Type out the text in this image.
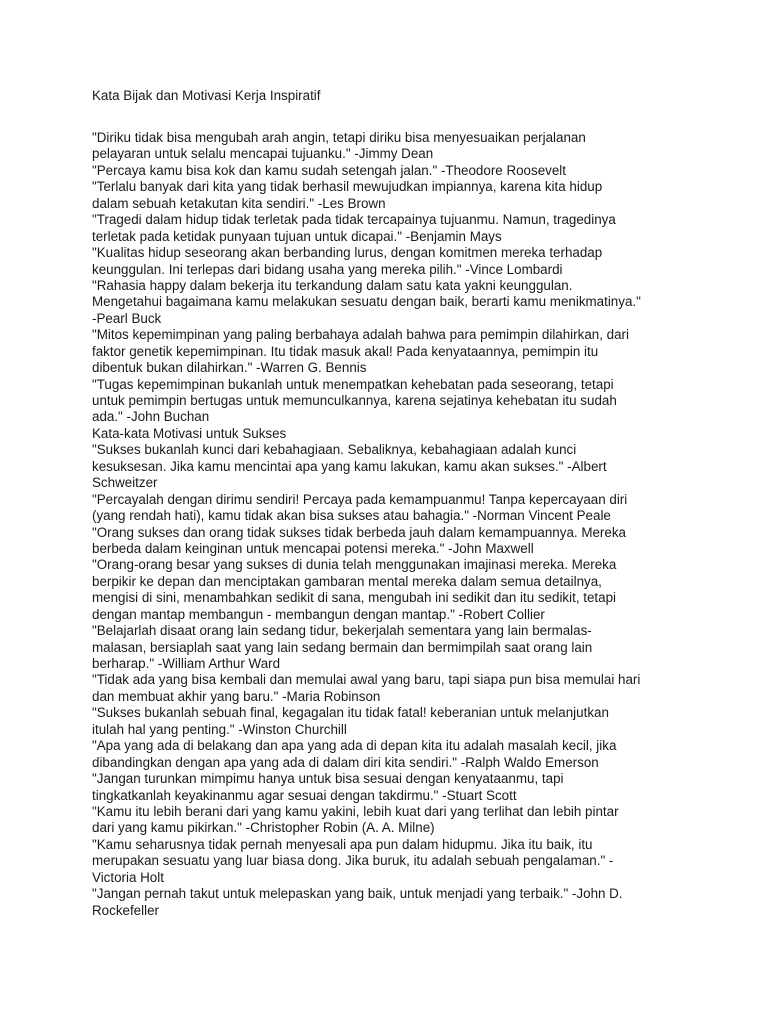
Kata Bijak dan Motivasi Kerja Inspiratif
"Diriku tidak bisa mengubah arah angin, tetapi diriku bisa menyesuaikan perjalanan
pelayaran untuk selalu mencapai tujuanku." -Jimmy Dean
"Percaya kamu bisa kok dan kamu sudah setengah jalan." -Theodore Roosevelt
"Terlalu banyak dari kita yang tidak berhasil mewujudkan impiannya, karena kita hidup
dalam sebuah ketakutan kita sendiri." -Les Brown
"Tragedi dalam hidup tidak terletak pada tidak tercapainya tujuanmu. Namun, tragedinya
terletak pada ketidak punyaan tujuan untuk dicapai." -Benjamin Mays
"Kualitas hidup seseorang akan berbanding lurus, dengan komitmen mereka terhadap
keunggulan. Ini terlepas dari bidang usaha yang mereka pilih." -Vince Lombardi
"Rahasia happy dalam bekerja itu terkandung dalam satu kata yakni keunggulan.
Mengetahui bagaimana kamu melakukan sesuatu dengan baik, berarti kamu menikmatinya."
-Pearl Buck
"Mitos kepemimpinan yang paling berbahaya adalah bahwa para pemimpin dilahirkan, dari
faktor genetik kepemimpinan. Itu tidak masuk akal! Pada kenyataannya, pemimpin itu
dibentuk bukan dilahirkan." -Warren G. Bennis
"Tugas kepemimpinan bukanlah untuk menempatkan kehebatan pada seseorang, tetapi
untuk pemimpin bertugas untuk memunculkannya, karena sejatinya kehebatan itu sudah
ada." -John Buchan
Kata-kata Motivasi untuk Sukses
"Sukses bukanlah kunci dari kebahagiaan. Sebaliknya, kebahagiaan adalah kunci
kesuksesan. Jika kamu mencintai apa yang kamu lakukan, kamu akan sukses." -Albert
Schweitzer
"Percayalah dengan dirimu sendiri! Percaya pada kemampuanmu! Tanpa kepercayaan diri
(yang rendah hati), kamu tidak akan bisa sukses atau bahagia." -Norman Vincent Peale
"Orang sukses dan orang tidak sukses tidak berbeda jauh dalam kemampuannya. Mereka
berbeda dalam keinginan untuk mencapai potensi mereka." -John Maxwell
"Orang-orang besar yang sukses di dunia telah menggunakan imajinasi mereka. Mereka
berpikir ke depan dan menciptakan gambaran mental mereka dalam semua detailnya,
mengisi di sini, menambahkan sedikit di sana, mengubah ini sedikit dan itu sedikit, tetapi
dengan mantap membangun - membangun dengan mantap." -Robert Collier
"Belajarlah disaat orang lain sedang tidur, bekerjalah sementara yang lain bermalas-
malasan, bersiaplah saat yang lain sedang bermain dan bermimpilah saat orang lain
berharap." -William Arthur Ward
"Tidak ada yang bisa kembali dan memulai awal yang baru, tapi siapa pun bisa memulai hari
dan membuat akhir yang baru." -Maria Robinson
"Sukses bukanlah sebuah final, kegagalan itu tidak fatal! keberanian untuk melanjutkan
itulah hal yang penting." -Winston Churchill
"Apa yang ada di belakang dan apa yang ada di depan kita itu adalah masalah kecil, jika
dibandingkan dengan apa yang ada di dalam diri kita sendiri." -Ralph Waldo Emerson
"Jangan turunkan mimpimu hanya untuk bisa sesuai dengan kenyataanmu, tapi
tingkatkanlah keyakinanmu agar sesuai dengan takdirmu." -Stuart Scott
"Kamu itu lebih berani dari yang kamu yakini, lebih kuat dari yang terlihat dan lebih pintar
dari yang kamu pikirkan." -Christopher Robin (A. A. Milne)
"Kamu seharusnya tidak pernah menyesali apa pun dalam hidupmu. Jika itu baik, itu
merupakan sesuatu yang luar biasa dong. Jika buruk, itu adalah sebuah pengalaman." -
Victoria Holt
"Jangan pernah takut untuk melepaskan yang baik, untuk menjadi yang terbaik." -John D.
Rockefeller
